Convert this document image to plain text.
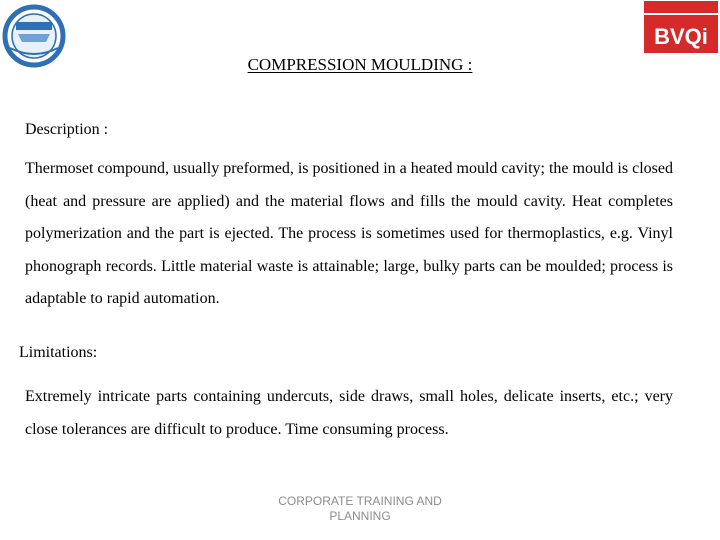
BVQi
COMPRESSION MOULDING :

Description :

Thermoset compound, usually preformed, is positioned in a heated mould cavity; the mould is closed (heat and pressure are applied) and the material flows and fills the mould cavity. Heat completes polymerization and the part is ejected. The process is sometimes used for thermoplastics, e.g. Vinyl phonograph records. Little material waste is attainable; large, bulky parts can be moulded; process is adaptable to rapid automation.

Limitations:

Extremely intricate parts containing undercuts, side draws, small holes, delicate inserts, etc.; very close tolerances are difficult to produce. Time consuming process.

CORPORATE TRAINING AND PLANNING
